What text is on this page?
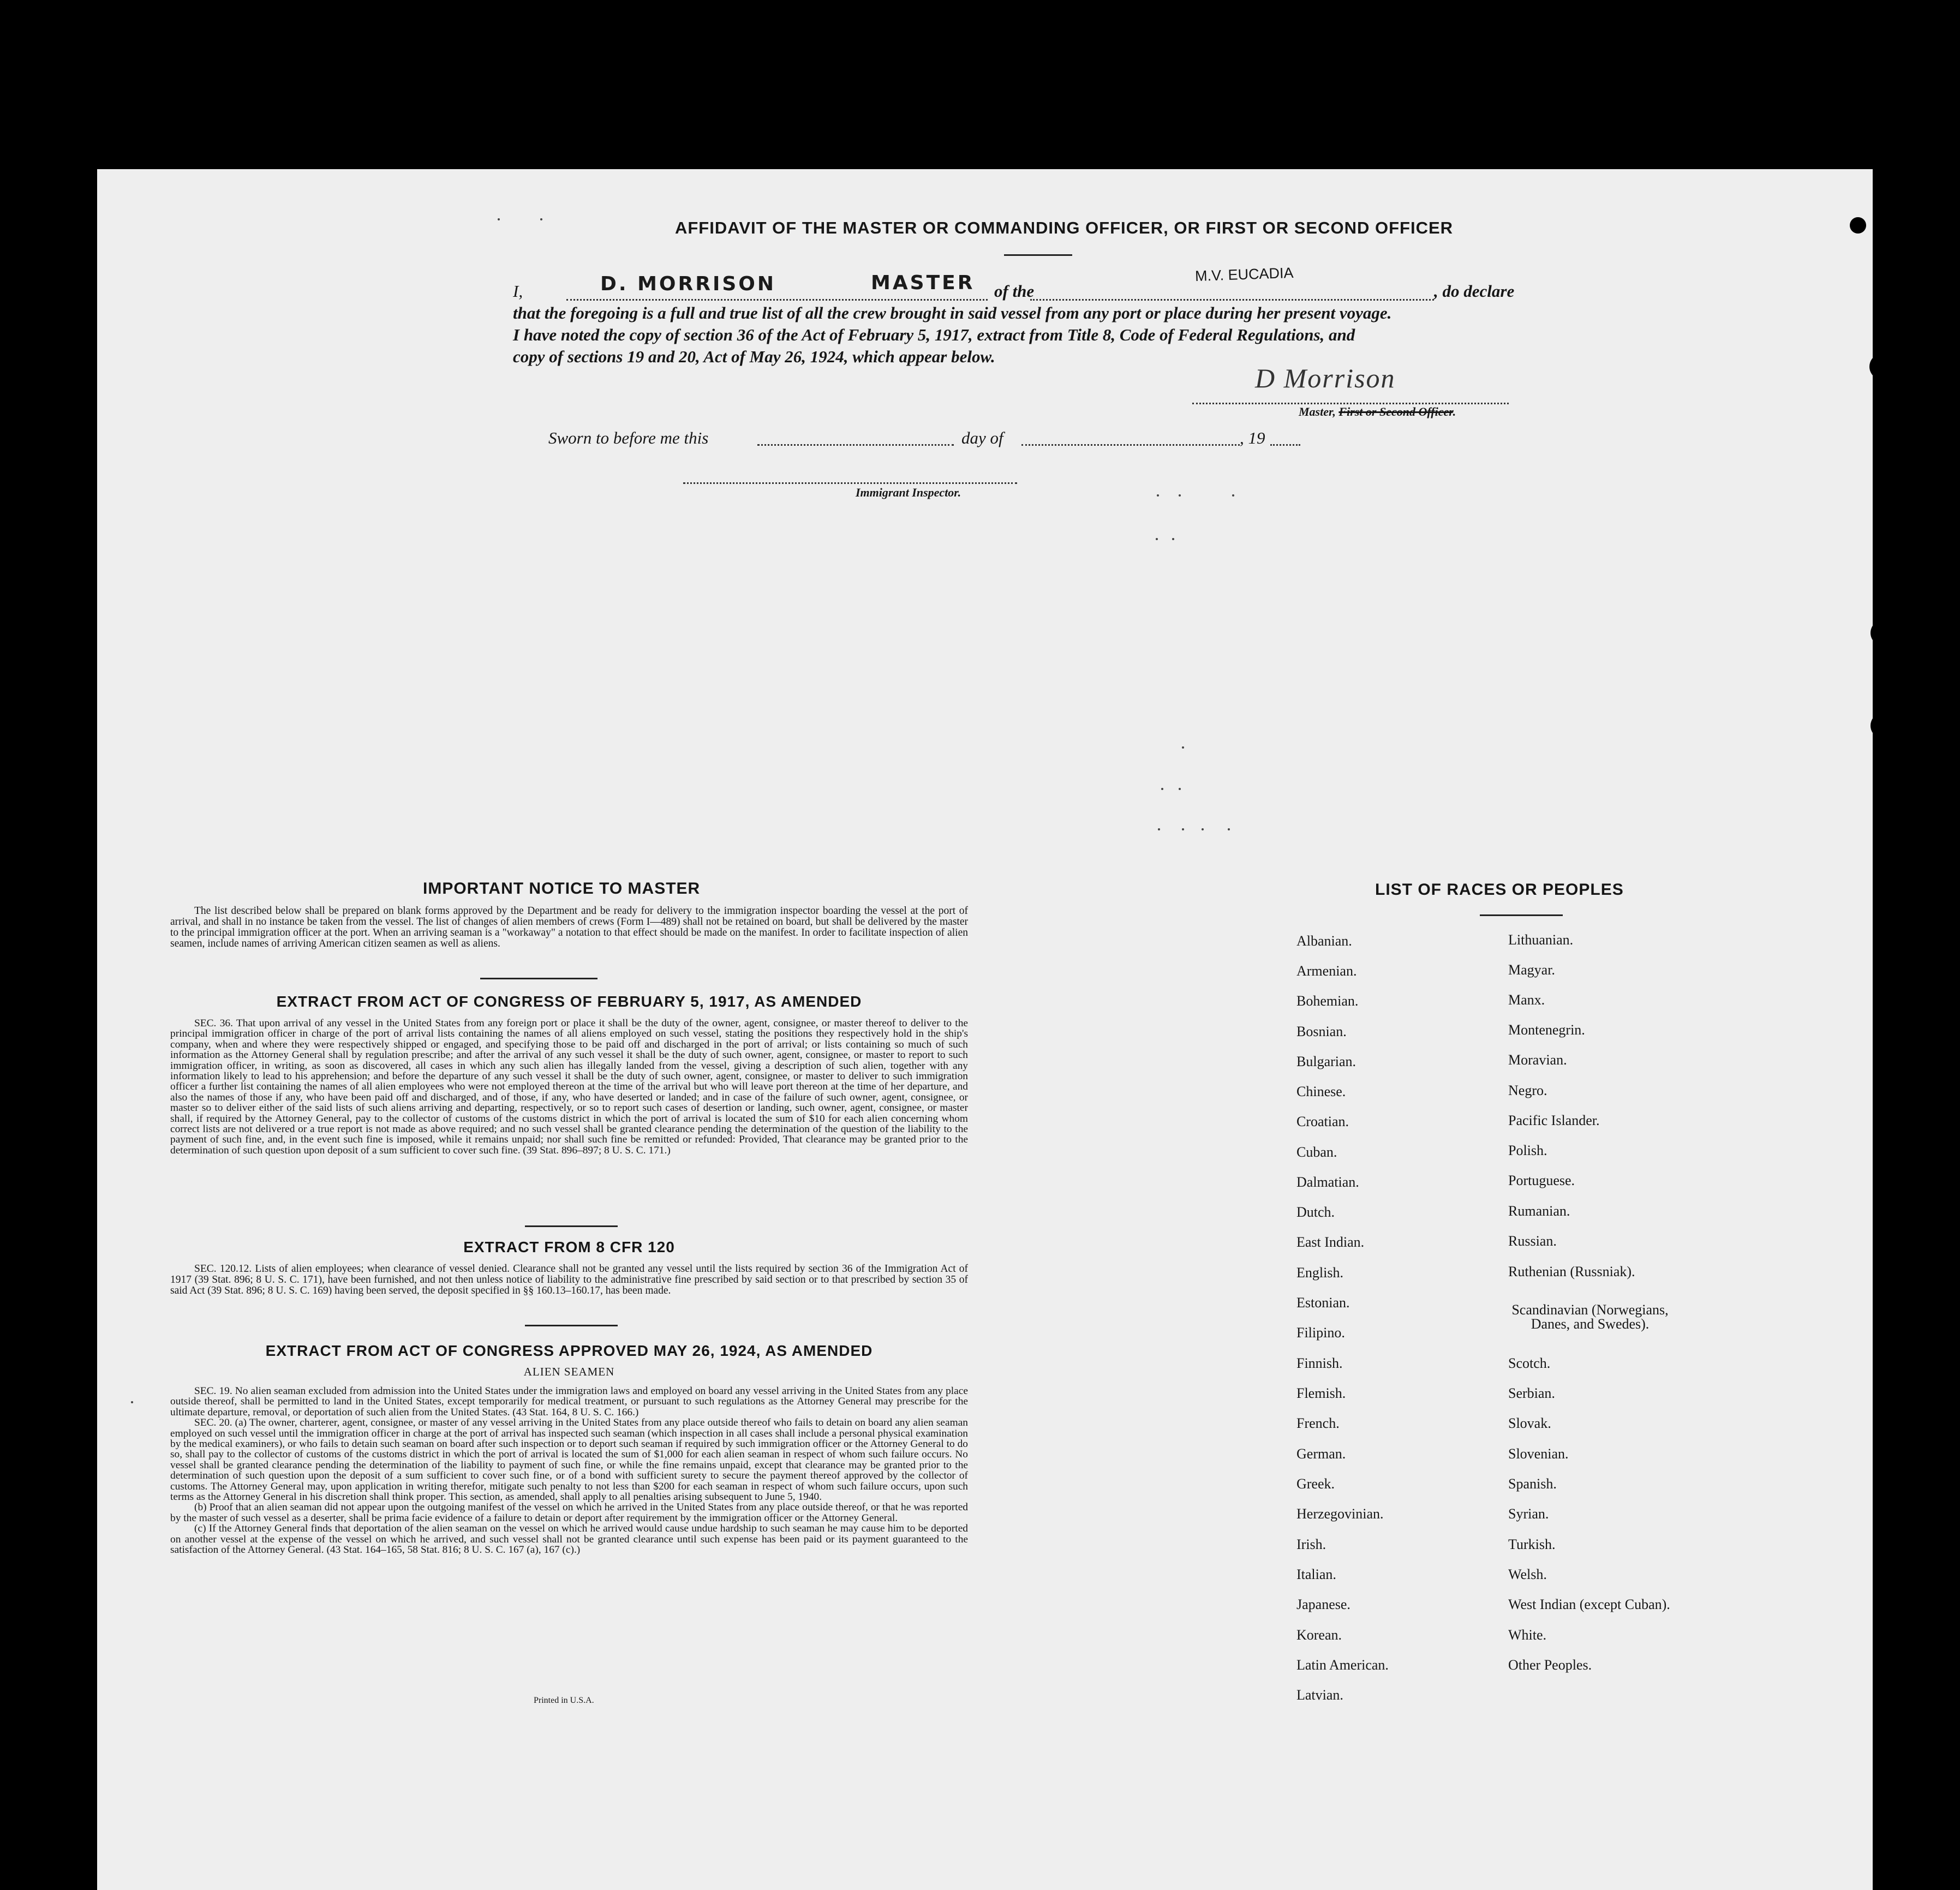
AFFIDAVIT OF THE MASTER OR COMMANDING OFFICER, OR FIRST OR SECOND OFFICER
I,	D. MORRISON	MASTER of the
M.V. EUCADIA
, do declare
that the foregoing is a full and true list of all the crew brought in said vessel from any port or place during her present voyage.
I have noted the copy of section 36 of the Act of February 5, 1917, extract from Title 8, Code of Federal Regulations, and
copy of sections 19 and 20, Act of May 26, 1924, which appear below.
D Morrison
Master, First or Second Officer.
Sworn to before me this	day of	, 19
Immigrant Inspector.
IMPORTANT NOTICE TO MASTER
The list described below shall be prepared on blank forms approved by the Department and be ready for delivery to the immigration inspector boarding the vessel at the port of arrival, and shall in no instance be taken from the vessel. The list of changes of alien members of crews (Form I—489) shall not be retained on board, but shall be delivered by the master to the principal immigration officer at the port. When an arriving seaman is a "workaway" a notation to that effect should be made on the manifest. In order to facilitate inspection of alien seamen, include names of arriving American citizen seamen as well as aliens.
EXTRACT FROM ACT OF CONGRESS OF FEBRUARY 5, 1917, AS AMENDED
SEC. 36. That upon arrival of any vessel in the United States from any foreign port or place it shall be the duty of the owner, agent, consignee, or master thereof to deliver to the principal immigration officer in charge of the port of arrival lists containing the names of all aliens employed on such vessel, stating the positions they respectively hold in the ship's company, when and where they were respectively shipped or engaged, and specifying those to be paid off and discharged in the port of arrival; or lists containing so much of such information as the Attorney General shall by regulation prescribe; and after the arrival of any such vessel it shall be the duty of such owner, agent, consignee, or master to report to such immigration officer, in writing, as soon as discovered, all cases in which any such alien has illegally landed from the vessel, giving a description of such alien, together with any information likely to lead to his apprehension; and before the departure of any such vessel it shall be the duty of such owner, agent, consignee, or master to deliver to such immigration officer a further list containing the names of all alien employees who were not employed thereon at the time of the arrival but who will leave port thereon at the time of her departure, and also the names of those if any, who have been paid off and discharged, and of those, if any, who have deserted or landed; and in case of the failure of such owner, agent, consignee, or master so to deliver either of the said lists of such aliens arriving and departing, respectively, or so to report such cases of desertion or landing, such owner, agent, consignee, or master shall, if required by the Attorney General, pay to the collector of customs of the customs district in which the port of arrival is located the sum of $10 for each alien concerning whom correct lists are not delivered or a true report is not made as above required; and no such vessel shall be granted clearance pending the determination of the question of the liability to the payment of such fine, and, in the event such fine is imposed, while it remains unpaid; nor shall such fine be remitted or refunded: Provided, That clearance may be granted prior to the determination of such question upon deposit of a sum sufficient to cover such fine. (39 Stat. 896–897; 8 U. S. C. 171.)
EXTRACT FROM 8 CFR 120
SEC. 120.12. Lists of alien employees; when clearance of vessel denied. Clearance shall not be granted any vessel until the lists required by section 36 of the Immigration Act of 1917 (39 Stat. 896; 8 U. S. C. 171), have been furnished, and not then unless notice of liability to the administrative fine prescribed by said section or to that prescribed by section 35 of said Act (39 Stat. 896; 8 U. S. C. 169) having been served, the deposit specified in §§ 160.13–160.17, has been made.
EXTRACT FROM ACT OF CONGRESS APPROVED MAY 26, 1924, AS AMENDED
ALIEN SEAMEN

SEC. 19. No alien seaman excluded from admission into the United States under the immigration laws and employed on board any vessel arriving in the United States from any place outside thereof, shall be permitted to land in the United States, except temporarily for medical treatment, or pursuant to such regulations as the Attorney General may prescribe for the ultimate departure, removal, or deportation of such alien from the United States. (43 Stat. 164, 8 U. S. C. 166.)

SEC. 20. (a) The owner, charterer, agent, consignee, or master of any vessel arriving in the United States from any place outside thereof who fails to detain on board any alien seaman employed on such vessel until the immigration officer in charge at the port of arrival has inspected such seaman (which inspection in all cases shall include a personal physical examination by the medical examiners), or who fails to detain such seaman on board after such inspection or to deport such seaman if required by such immigration officer or the Attorney General to do so, shall pay to the collector of customs of the customs district in which the port of arrival is located the sum of $1,000 for each alien seaman in respect of whom such failure occurs. No vessel shall be granted clearance pending the determination of the liability to payment of such fine, or while the fine remains unpaid, except that clearance may be granted prior to the determination of such question upon the deposit of a sum sufficient to cover such fine, or of a bond with sufficient surety to secure the payment thereof approved by the collector of customs. The Attorney General may, upon application in writing therefor, mitigate such penalty to not less than $200 for each seaman in respect of whom such failure occurs, upon such terms as the Attorney General in his discretion shall think proper. This section, as amended, shall apply to all penalties arising subsequent to June 5, 1940.

(b) Proof that an alien seaman did not appear upon the outgoing manifest of the vessel on which he arrived in the United States from any place outside thereof, or that he was reported by the master of such vessel as a deserter, shall be prima facie evidence of a failure to detain or deport after requirement by the immigration officer or the Attorney General.

(c) If the Attorney General finds that deportation of the alien seaman on the vessel on which he arrived would cause undue hardship to such seaman he may cause him to be deported on another vessel at the expense of the vessel on which he arrived, and such vessel shall not be granted clearance until such expense has been paid or its payment guaranteed to the satisfaction of the Attorney General. (43 Stat. 164–165, 58 Stat. 816; 8 U. S. C. 167 (a), 167 (c).)

Printed in U.S.A.
LIST OF RACES OR PEOPLES
Albanian.
Armenian.
Bohemian.
Bosnian.
Bulgarian.
Chinese.
Croatian.
Cuban.
Dalmatian.
Dutch.
East Indian.
English.
Estonian.
Filipino.
Finnish.
Flemish.
French.
German.
Greek.
Herzegovinian.
Irish.
Italian.
Japanese.
Korean.
Latin American.
Latvian.
Lithuanian.
Magyar.
Manx.
Montenegrin.
Moravian.
Negro.
Pacific Islander.
Polish.
Portuguese.
Rumanian.
Russian.
Ruthenian (Russniak).
Scandinavian (Norwegians, Danes, and Swedes).
Scotch.
Serbian.
Slovak.
Slovenian.
Spanish.
Syrian.
Turkish.
Welsh.
West Indian (except Cuban).
White.
Other Peoples.
